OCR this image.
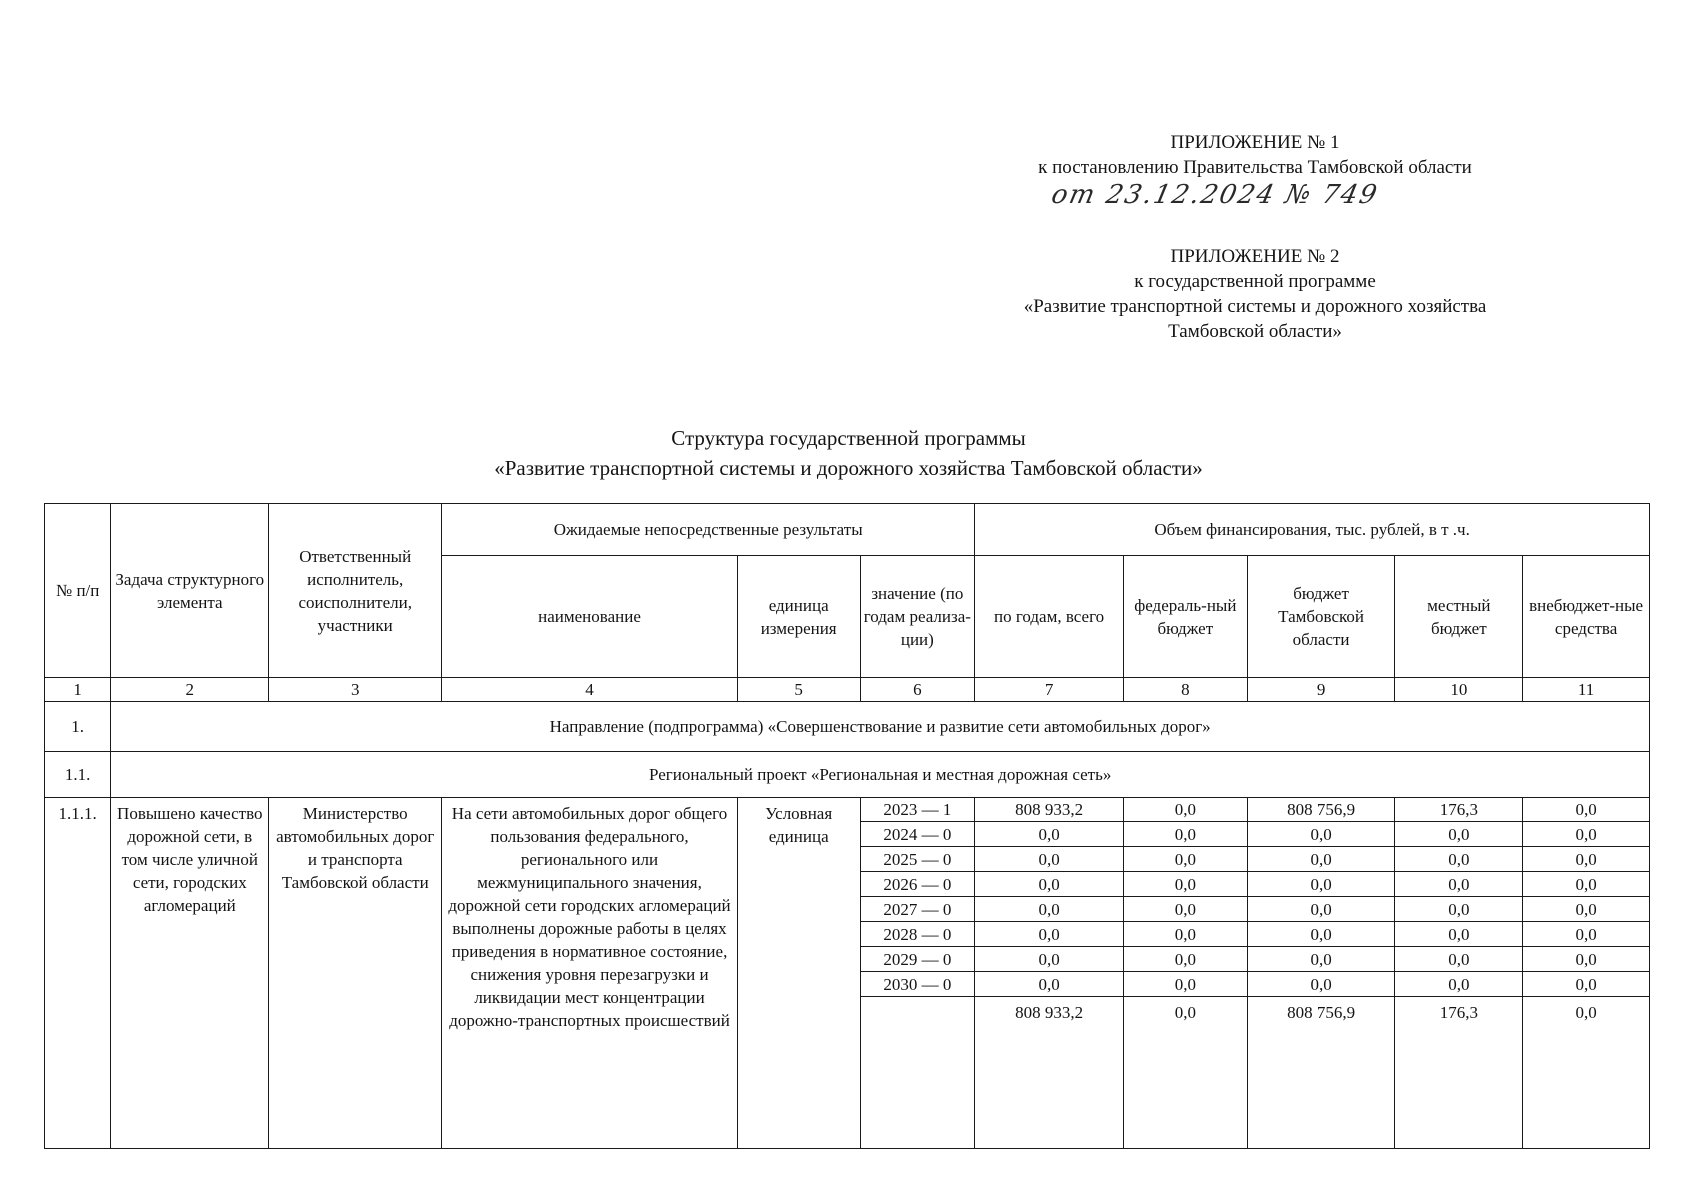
ПРИЛОЖЕНИЕ № 1
к постановлению Правительства Тамбовской области
от 23.12.2024 № 749
ПРИЛОЖЕНИЕ № 2
к государственной программе
«Развитие транспортной системы и дорожного хозяйства
Тамбовской области»
Структура государственной программы
«Развитие транспортной системы и дорожного хозяйства Тамбовской области»
№ п/п	Задача структурного элемента	Ответственный исполнитель, соисполнители, участники	Ожидаемые непосредственные результаты			Объем финансирования, тыс. рублей, в т .ч.				
			наименование	единица измерения	значение (по годам реализа-ции)	по годам, всего	федераль-ный бюджет	бюджет Тамбовской области	местный бюджет	внебюджет-ные средства
1	2	3	4	5	6	7	8	9	10	11
1.	Направление (подпрограмма) «Совершенствование и развитие сети автомобильных дорог»									
1.1.	Региональный проект «Региональная и местная дорожная сеть»									
1.1.1.	Повышено качество дорожной сети, в том числе уличной сети, городских агломераций	Министерство автомобильных дорог и транспорта Тамбовской области	На сети автомобильных дорог общего пользования федерального, регионального или межмуниципального значения, дорожной сети городских агломераций выполнены дорожные работы в целях приведения в нормативное состояние, снижения уровня перезагрузки и ликвидации мест концентрации дорожно-транспортных происшествий	Условная единица	2023 — 1	808 933,2	0,0	808 756,9	176,3	0,0
					2024 — 0	0,0	0,0	0,0	0,0	0,0
					2025 — 0	0,0	0,0	0,0	0,0	0,0
					2026 — 0	0,0	0,0	0,0	0,0	0,0
					2027 — 0	0,0	0,0	0,0	0,0	0,0
					2028 — 0	0,0	0,0	0,0	0,0	0,0
					2029 — 0	0,0	0,0	0,0	0,0	0,0
					2030 — 0	0,0	0,0	0,0	0,0	0,0
						808 933,2	0,0	808 756,9	176,3	0,0
